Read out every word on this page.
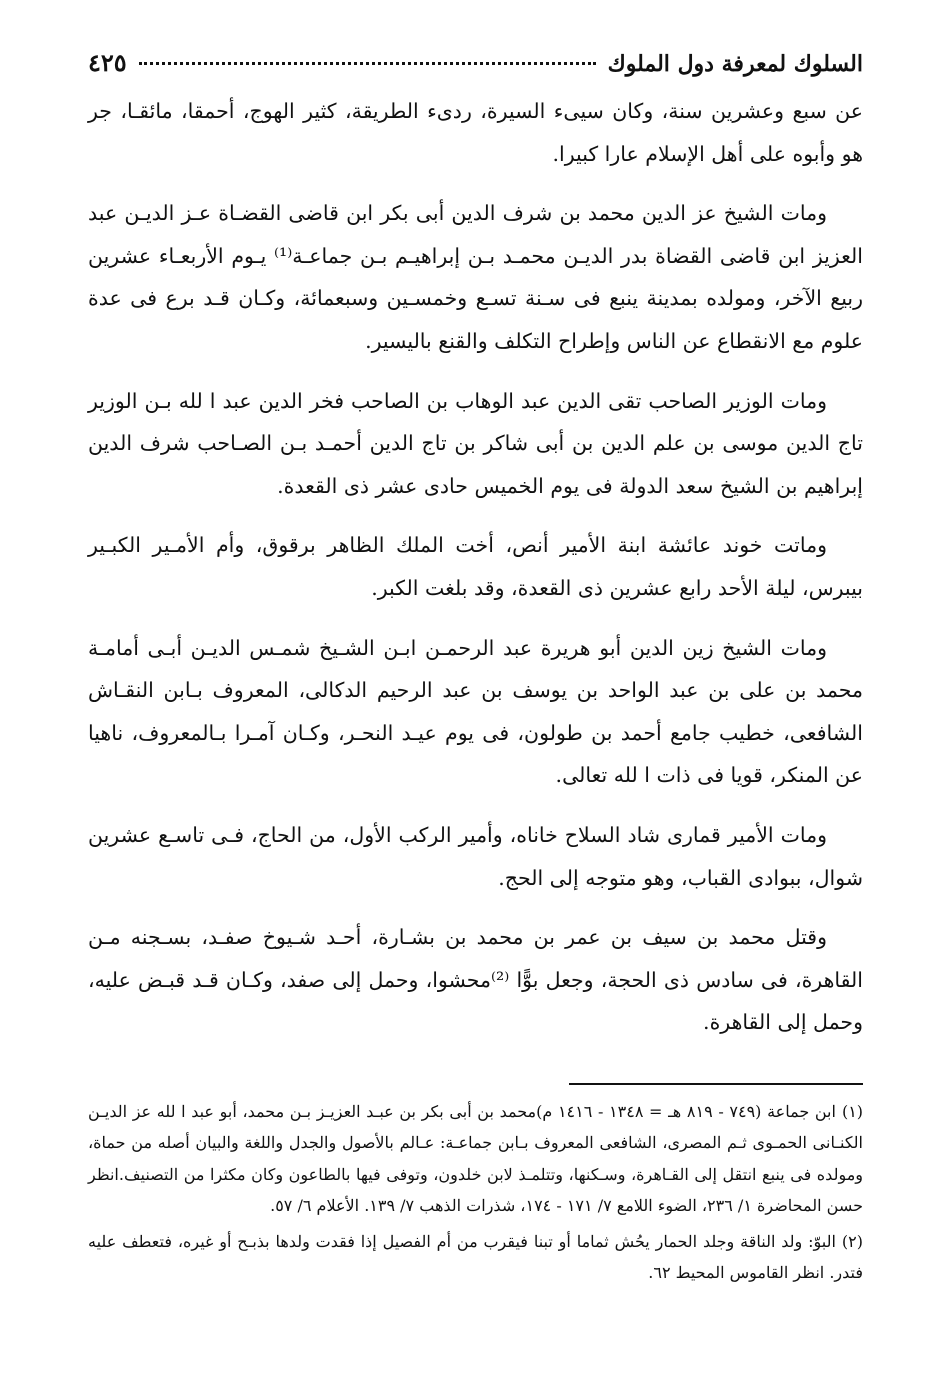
السلوك لمعرفة دول الملوك
٤٢٥

عن سبع وعشرين سنة، وكان سيىء السيرة، ردىء الطريقة، كثير الهوج، أحمقا، مائقـا، جر هو وأبوه على أهل الإسلام عارا كبيرا.

ومات الشيخ عز الدين محمد بن شرف الدين أبى بكر ابن قاضى القضـاة عـز الديـن عبد العزيز ابن قاضى القضاة بدر الديـن محمـد بـن إبراهيـم بـن جماعـة⁽¹⁾ يـوم الأربعـاء عشرين ربيع الآخر، ومولده بمدينة ينبع فى سـنة تسـع وخمسـين وسبعمائة، وكـان قـد برع فى عدة علوم مع الانقطاع عن الناس وإطراح التكلف والقنع باليسير.

ومات الوزير الصاحب تقى الدين عبد الوهاب بن الصاحب فخر الدين عبد ا لله بـن الوزير تاج الدين موسى بن علم الدين بن أبى شاكر بن تاج الدين أحمـد بـن الصـاحب شرف الدين إبراهيم بن الشيخ سعد الدولة فى يوم الخميس حادى عشر ذى القعدة.

وماتت خوند عائشة ابنة الأمير أنص، أخت الملك الظاهر برقوق، وأم الأمـير الكبـير بيبرس، ليلة الأحد رابع عشرين ذى القعدة، وقد بلغت الكبر.

ومات الشيخ زين الدين أبو هريرة عبد الرحمـن ابـن الشـيخ شمـس الديـن أبـى أمامـة محمد بن على بن عبد الواحد بن يوسف بن عبد الرحيم الدكالى، المعروف بـابن النقـاش الشافعى، خطيب جامع أحمد بن طولون، فى يوم عيـد النحـر، وكـان آمـرا بـالمعروف، ناهيا عن المنكر، قويا فى ذات ا لله تعالى.

ومات الأمير قمارى شاد السلاح خاناه، وأمير الركب الأول، من الحاج، فـى تاسـع عشرين شوال، ببوادى القباب، وهو متوجه إلى الحج.

وقتل محمد بن سيف بن عمر بن محمد بن بشـارة، أحـد شـيوخ صفـد، بسـجنه مـن القاهرة، فى سادس ذى الحجة، وجعل بوًّا ⁽²⁾محشوا، وحمل إلى صفد، وكـان قـد قبـض عليه، وحمل إلى القاهرة.

(١)ابن جماعة (٧٤٩ - ٨١٩ هـ = ١٣٤٨ - ١٤١٦ م)محمد بن أبى بكر بن عبـد العزيـز بـن محمد، أبو عبد ا لله عز الديـن الكنـانى الحمـوى ثـم المصرى، الشافعى المعروف بـابن جماعـة: عـالم بالأصول والجدل واللغة والبيان أصله من حماة، ومولده فى ينبع انتقل إلى القـاهرة، وسـكنها، وتتلمـذ لابن خلدون، وتوفى فيها بالطاعون وكان مكثرا من التصنيف.انظر حسن المحاضرة ١/ ٢٣٦، الضوء اللامع ٧/ ١٧١ - ١٧٤، شذرات الذهب ٧/ ١٣٩. الأعلام ٦/ ٥٧.

(٢)البوّ: ولد الناقة وجلد الحمار يحُش ثماما أو تبنا فيقرب من أم الفصيل إذا فقدت ولدها بذبـح أو غيره، فتعطف عليه فتدر. انظر القاموس المحيط ٦٢.
